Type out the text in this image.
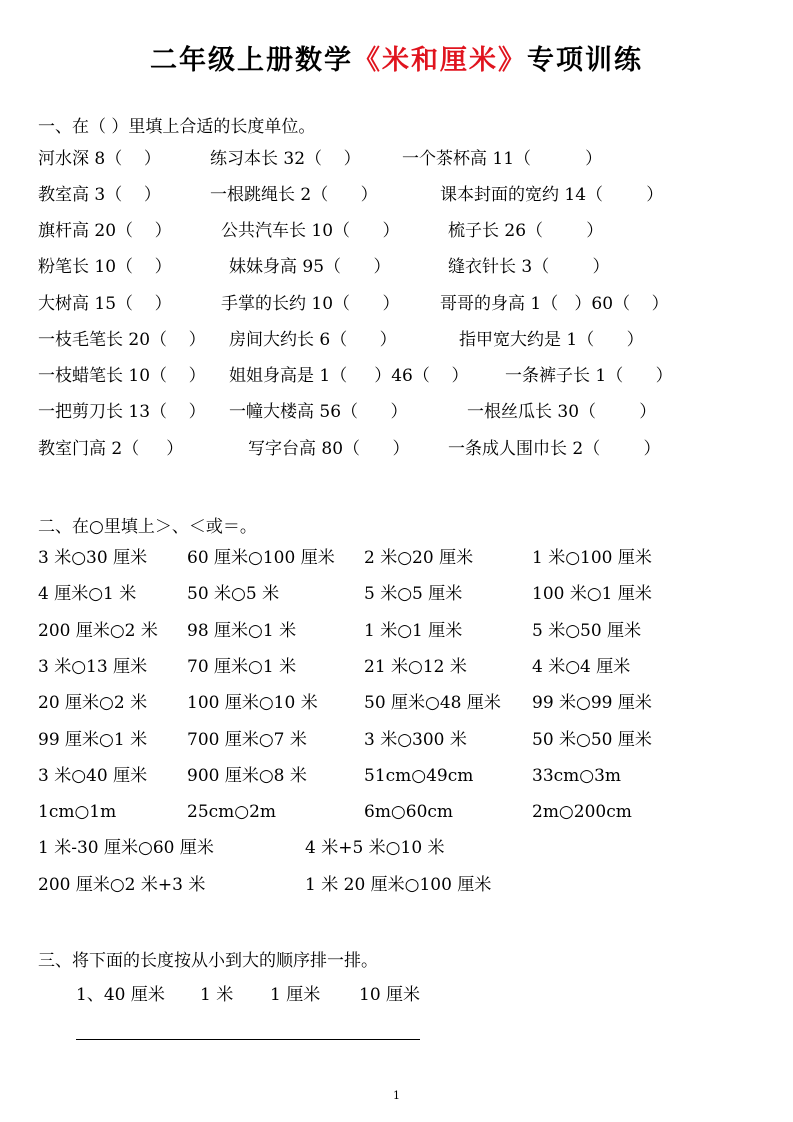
二年级上册数学《米和厘米》专项训练
一、在（ ）里填上合适的长度单位。
河水深 8（    ）	练习本长 32（    ） 一个茶杯高 11（          ）
教室高 3（    ）	一根跳绳长 2（      ）	课本封面的宽约 14（        ）
旗杆高 20（    ）	公共汽车长 10（      ）	梳子长 26（        ）
粉笔长 10（    ）	妹妹身高 95（      ）	缝衣针长 3（        ）
大树高 15（    ）	手掌的长约 10（      ） 哥哥的身高 1（   ）60（    ）
一枝毛笔长 20（    ） 房间大约长 6（      ）	指甲宽大约是 1（      ）
一枝蜡笔长 10（    ） 姐姐身高是 1（     ）46（    ） 一条裤子长 1（      ）
一把剪刀长 13（    ） 一幢大楼高 56（      ）	一根丝瓜长 30（        ）
教室门高 2（     ）	写字台高 80（      ） 一条成人围巾长 2（        ）
二、在○里填上＞、＜或＝。
3 米○30 厘米 60 厘米○100 厘米 2 米○20 厘米	1 米○100 厘米
4 厘米○1 米	50 米○5 米	5 米○5 厘米	100 米○1 厘米
200 厘米○2 米 98 厘米○1 米	1 米○1 厘米	5 米○50 厘米
3 米○13 厘米 70 厘米○1 米	21 米○12 米	4 米○4 厘米
20 厘米○2 米 100 厘米○10 米	50 厘米○48 厘米 99 米○99 厘米
99 厘米○1 米 700 厘米○7 米	3 米○300 米	50 米○50 厘米
3 米○40 厘米 900 厘米○8 米	51cm○49cm	33cm○3m
1cm○1m	25cm○2m	6m○60cm	2m○200cm
1 米-30 厘米○60 厘米	4 米+5 米○10 米
200 厘米○2 米+3 米	1 米 20 厘米○100 厘米
三、将下面的长度按从小到大的顺序排一排。

1、40 厘米

1 米

1 厘米

10 厘米

1
